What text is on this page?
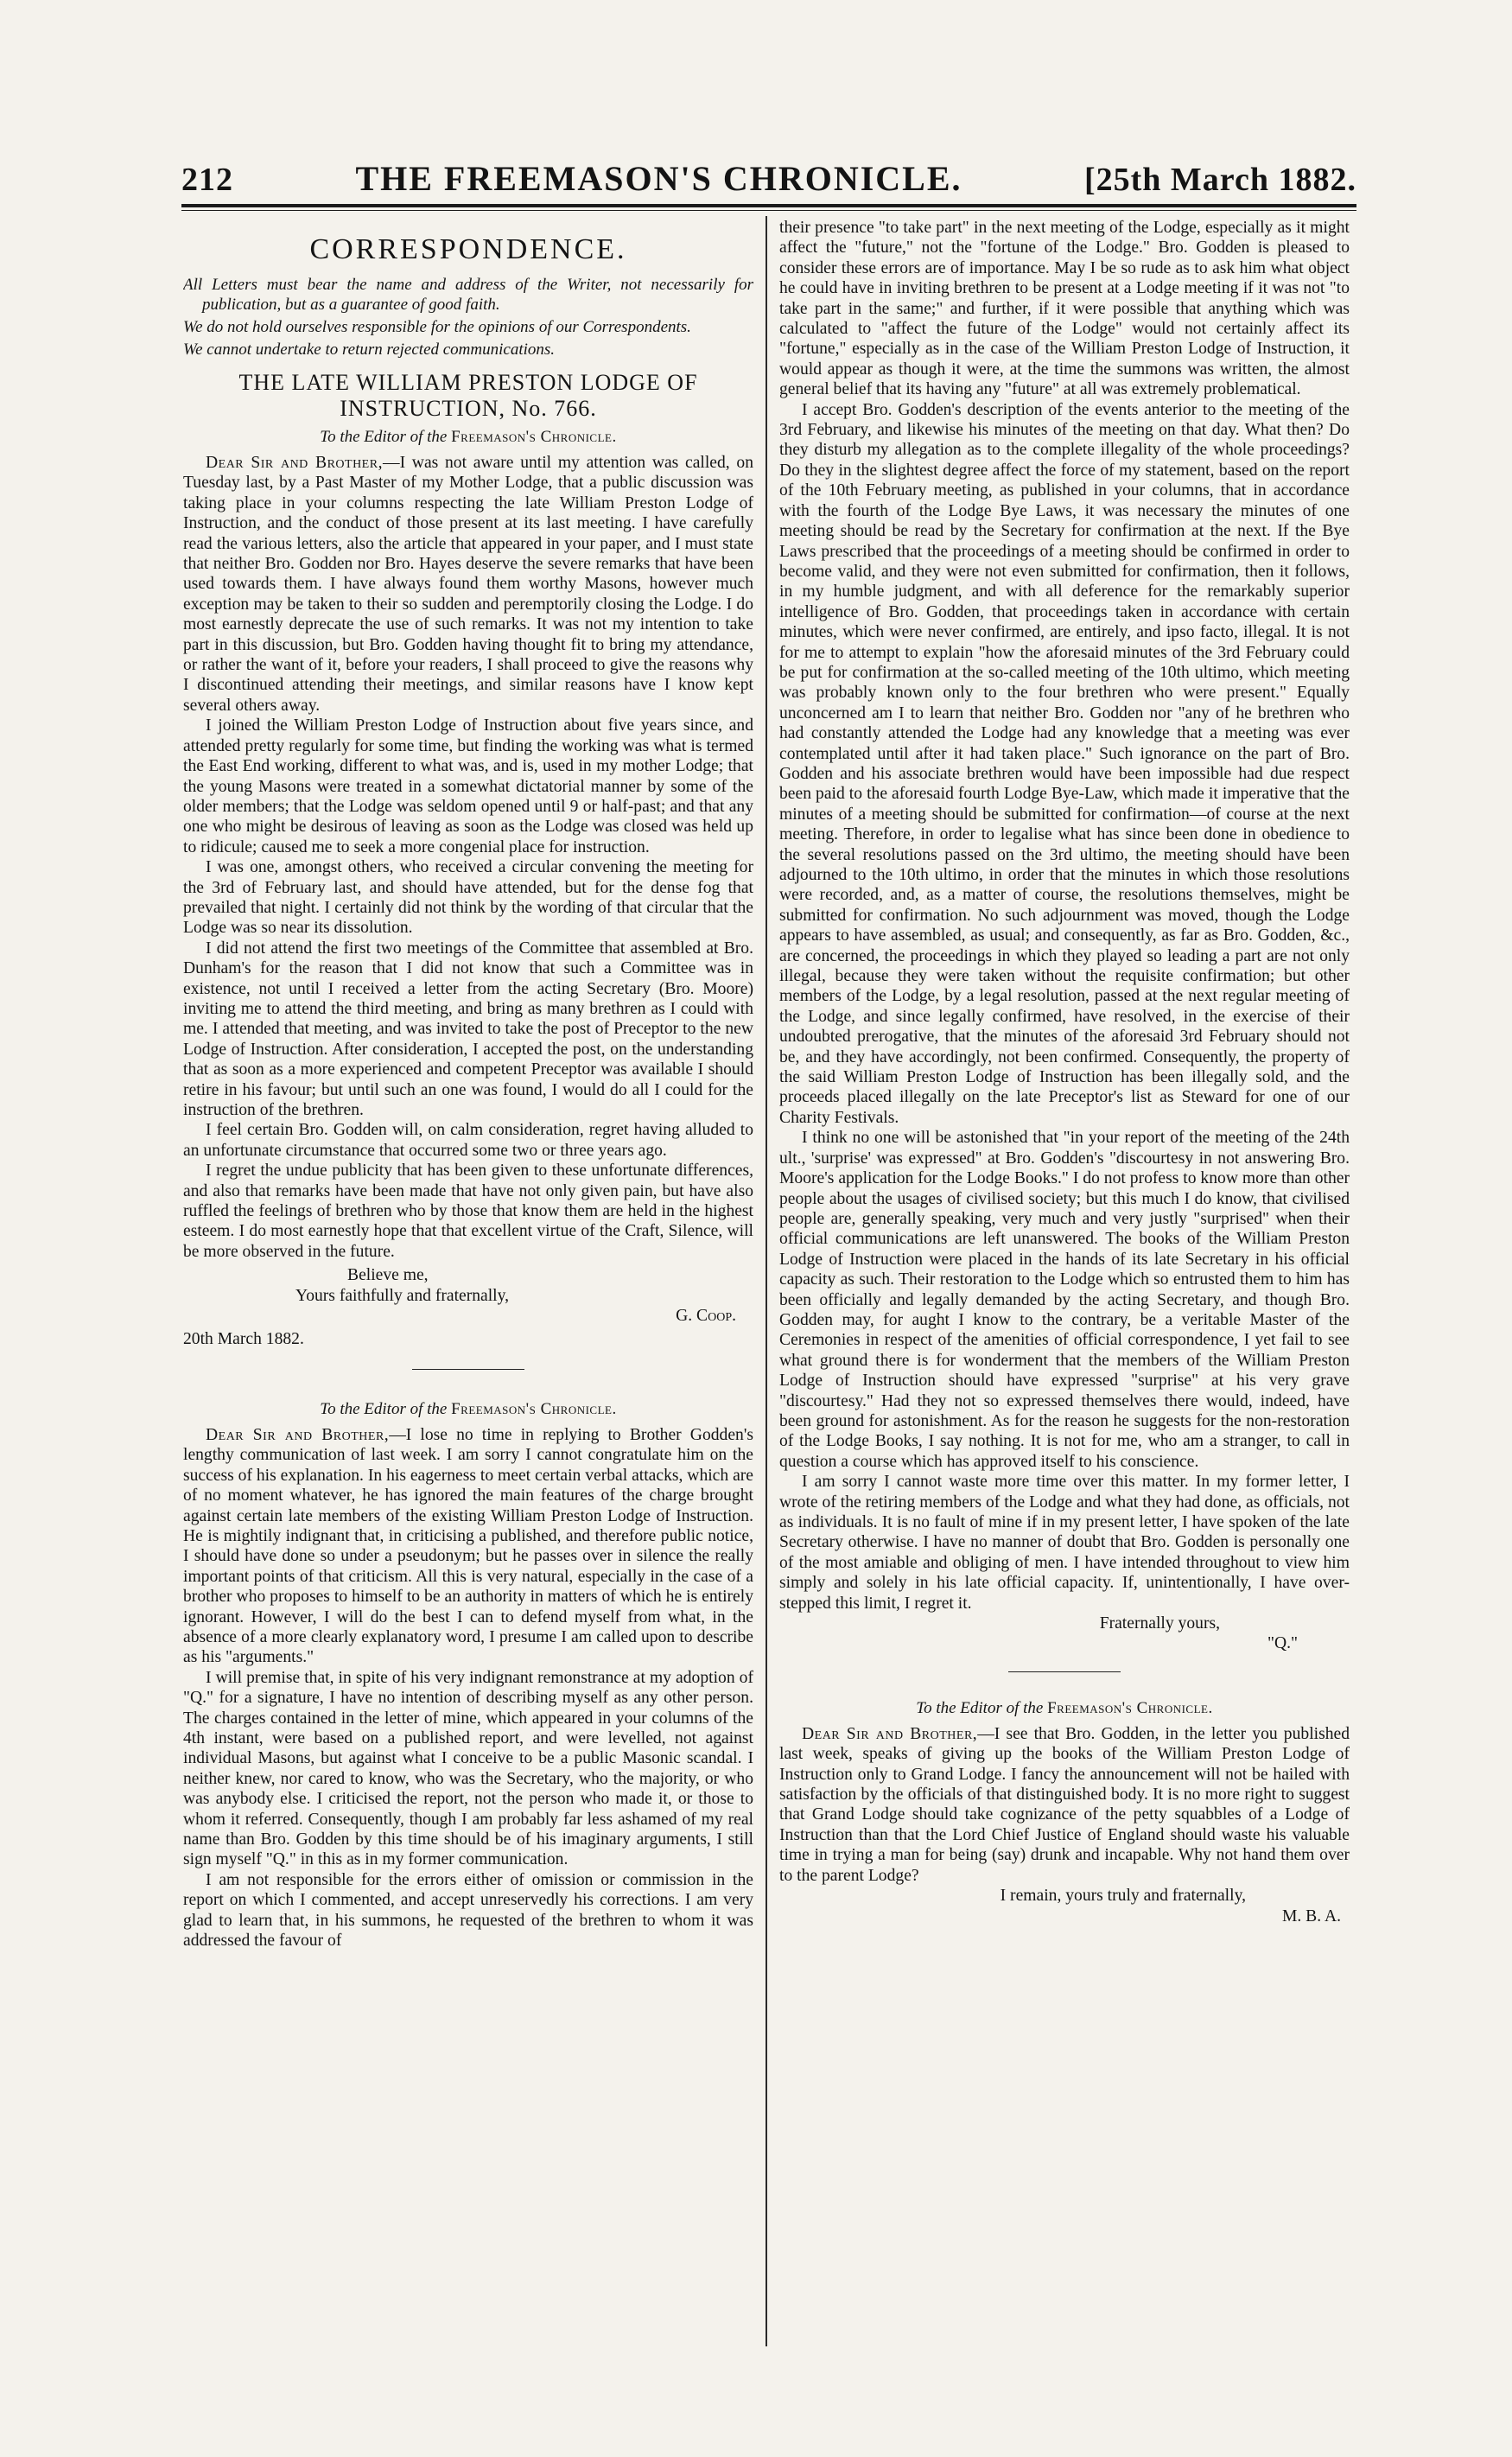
212	THE FREEMASON'S CHRONICLE.	[25th March 1882.
CORRESPONDENCE.

All Letters must bear the name and address of the Writer, not necessarily for publication, but as a guarantee of good faith.

We do not hold ourselves responsible for the opinions of our Correspondents.

We cannot undertake to return rejected communications.

THE LATE WILLIAM PRESTON LODGE OF INSTRUCTION, No. 766.

To the Editor of the Freemason's Chronicle.

Dear Sir and Brother,—I was not aware until my attention was called, on Tuesday last, by a Past Master of my Mother Lodge, that a public discussion was taking place in your columns respecting the late William Preston Lodge of Instruction, and the conduct of those present at its last meeting. I have carefully read the various letters, also the article that appeared in your paper, and I must state that neither Bro. Godden nor Bro. Hayes deserve the severe remarks that have been used towards them. I have always found them worthy Masons, however much exception may be taken to their so sudden and peremptorily closing the Lodge. I do most earnestly deprecate the use of such remarks. It was not my intention to take part in this discussion, but Bro. Godden having thought fit to bring my attendance, or rather the want of it, before your readers, I shall proceed to give the reasons why I discontinued attending their meetings, and similar reasons have I know kept several others away.

I joined the William Preston Lodge of Instruction about five years since, and attended pretty regularly for some time, but finding the working was what is termed the East End working, different to what was, and is, used in my mother Lodge; that the young Masons were treated in a somewhat dictatorial manner by some of the older members; that the Lodge was seldom opened until 9 or half-past; and that any one who might be desirous of leaving as soon as the Lodge was closed was held up to ridicule; caused me to seek a more congenial place for instruction.

I was one, amongst others, who received a circular convening the meeting for the 3rd of February last, and should have attended, but for the dense fog that prevailed that night. I certainly did not think by the wording of that circular that the Lodge was so near its dissolution.

I did not attend the first two meetings of the Committee that assembled at Bro. Dunham's for the reason that I did not know that such a Committee was in existence, not until I received a letter from the acting Secretary (Bro. Moore) inviting me to attend the third meeting, and bring as many brethren as I could with me. I attended that meeting, and was invited to take the post of Preceptor to the new Lodge of Instruction. After consideration, I accepted the post, on the understanding that as soon as a more experienced and competent Preceptor was available I should retire in his favour; but until such an one was found, I would do all I could for the instruction of the brethren.

I feel certain Bro. Godden will, on calm consideration, regret having alluded to an unfortunate circumstance that occurred some two or three years ago.

I regret the undue publicity that has been given to these unfortunate differences, and also that remarks have been made that have not only given pain, but have also ruffled the feelings of brethren who by those that know them are held in the highest esteem. I do most earnestly hope that that excellent virtue of the Craft, Silence, will be more observed in the future.

Believe me,

Yours faithfully and fraternally,

G. Coop.

20th March 1882.

To the Editor of the Freemason's Chronicle.

Dear Sir and Brother,—I lose no time in replying to Brother Godden's lengthy communication of last week. I am sorry I cannot congratulate him on the success of his explanation. In his eagerness to meet certain verbal attacks, which are of no moment whatever, he has ignored the main features of the charge brought against certain late members of the existing William Preston Lodge of Instruction. He is mightily indignant that, in criticising a published, and therefore public notice, I should have done so under a pseudonym; but he passes over in silence the really important points of that criticism. All this is very natural, especially in the case of a brother who proposes to himself to be an authority in matters of which he is entirely ignorant. However, I will do the best I can to defend myself from what, in the absence of a more clearly explanatory word, I presume I am called upon to describe as his "arguments."

I will premise that, in spite of his very indignant remonstrance at my adoption of "Q." for a signature, I have no intention of describing myself as any other person. The charges contained in the letter of mine, which appeared in your columns of the 4th instant, were based on a published report, and were levelled, not against individual Masons, but against what I conceive to be a public Masonic scandal. I neither knew, nor cared to know, who was the Secretary, who the majority, or who was anybody else. I criticised the report, not the person who made it, or those to whom it referred. Consequently, though I am probably far less ashamed of my real name than Bro. Godden by this time should be of his imaginary arguments, I still sign myself "Q." in this as in my former communication.

I am not responsible for the errors either of omission or commission in the report on which I commented, and accept unreservedly his corrections. I am very glad to learn that, in his summons, he requested of the brethren to whom it was addressed the favour of

their presence "to take part" in the next meeting of the Lodge, especially as it might affect the "future," not the "fortune of the Lodge." Bro. Godden is pleased to consider these errors are of importance. May I be so rude as to ask him what object he could have in inviting brethren to be present at a Lodge meeting if it was not "to take part in the same;" and further, if it were possible that anything which was calculated to "affect the future of the Lodge" would not certainly affect its "fortune," especially as in the case of the William Preston Lodge of Instruction, it would appear as though it were, at the time the summons was written, the almost general belief that its having any "future" at all was extremely problematical.

I accept Bro. Godden's description of the events anterior to the meeting of the 3rd February, and likewise his minutes of the meeting on that day. What then? Do they disturb my allegation as to the complete illegality of the whole proceedings? Do they in the slightest degree affect the force of my statement, based on the report of the 10th February meeting, as published in your columns, that in accordance with the fourth of the Lodge Bye Laws, it was necessary the minutes of one meeting should be read by the Secretary for confirmation at the next. If the Bye Laws prescribed that the proceedings of a meeting should be confirmed in order to become valid, and they were not even submitted for confirmation, then it follows, in my humble judgment, and with all deference for the remarkably superior intelligence of Bro. Godden, that proceedings taken in accordance with certain minutes, which were never confirmed, are entirely, and ipso facto, illegal. It is not for me to attempt to explain "how the aforesaid minutes of the 3rd February could be put for confirmation at the so-called meeting of the 10th ultimo, which meeting was probably known only to the four brethren who were present." Equally unconcerned am I to learn that neither Bro. Godden nor "any of he brethren who had constantly attended the Lodge had any knowledge that a meeting was ever contemplated until after it had taken place." Such ignorance on the part of Bro. Godden and his associate brethren would have been impossible had due respect been paid to the aforesaid fourth Lodge Bye-Law, which made it imperative that the minutes of a meeting should be submitted for confirmation—of course at the next meeting. Therefore, in order to legalise what has since been done in obedience to the several resolutions passed on the 3rd ultimo, the meeting should have been adjourned to the 10th ultimo, in order that the minutes in which those resolutions were recorded, and, as a matter of course, the resolutions themselves, might be submitted for confirmation. No such adjournment was moved, though the Lodge appears to have assembled, as usual; and consequently, as far as Bro. Godden, &c., are concerned, the proceedings in which they played so leading a part are not only illegal, because they were taken without the requisite confirmation; but other members of the Lodge, by a legal resolution, passed at the next regular meeting of the Lodge, and since legally confirmed, have resolved, in the exercise of their undoubted prerogative, that the minutes of the aforesaid 3rd February should not be, and they have accordingly, not been confirmed. Consequently, the property of the said William Preston Lodge of Instruction has been illegally sold, and the proceeds placed illegally on the late Preceptor's list as Steward for one of our Charity Festivals.

I think no one will be astonished that "in your report of the meeting of the 24th ult., 'surprise' was expressed" at Bro. Godden's "discourtesy in not answering Bro. Moore's application for the Lodge Books." I do not profess to know more than other people about the usages of civilised society; but this much I do know, that civilised people are, generally speaking, very much and very justly "surprised" when their official communications are left unanswered. The books of the William Preston Lodge of Instruction were placed in the hands of its late Secretary in his official capacity as such. Their restoration to the Lodge which so entrusted them to him has been officially and legally demanded by the acting Secretary, and though Bro. Godden may, for aught I know to the contrary, be a veritable Master of the Ceremonies in respect of the amenities of official correspondence, I yet fail to see what ground there is for wonderment that the members of the William Preston Lodge of Instruction should have expressed "surprise" at his very grave "discourtesy." Had they not so expressed themselves there would, indeed, have been ground for astonishment. As for the reason he suggests for the non-restoration of the Lodge Books, I say nothing. It is not for me, who am a stranger, to call in question a course which has approved itself to his conscience.

I am sorry I cannot waste more time over this matter. In my former letter, I wrote of the retiring members of the Lodge and what they had done, as officials, not as individuals. It is no fault of mine if in my present letter, I have spoken of the late Secretary otherwise. I have no manner of doubt that Bro. Godden is personally one of the most amiable and obliging of men. I have intended throughout to view him simply and solely in his late official capacity. If, unintentionally, I have over-stepped this limit, I regret it.

Fraternally yours,

"Q."

To the Editor of the Freemason's Chronicle.

Dear Sir and Brother,—I see that Bro. Godden, in the letter you published last week, speaks of giving up the books of the William Preston Lodge of Instruction only to Grand Lodge. I fancy the announcement will not be hailed with satisfaction by the officials of that distinguished body. It is no more right to suggest that Grand Lodge should take cognizance of the petty squabbles of a Lodge of Instruction than that the Lord Chief Justice of England should waste his valuable time in trying a man for being (say) drunk and incapable. Why not hand them over to the parent Lodge?

I remain, yours truly and fraternally,

M. B. A.
